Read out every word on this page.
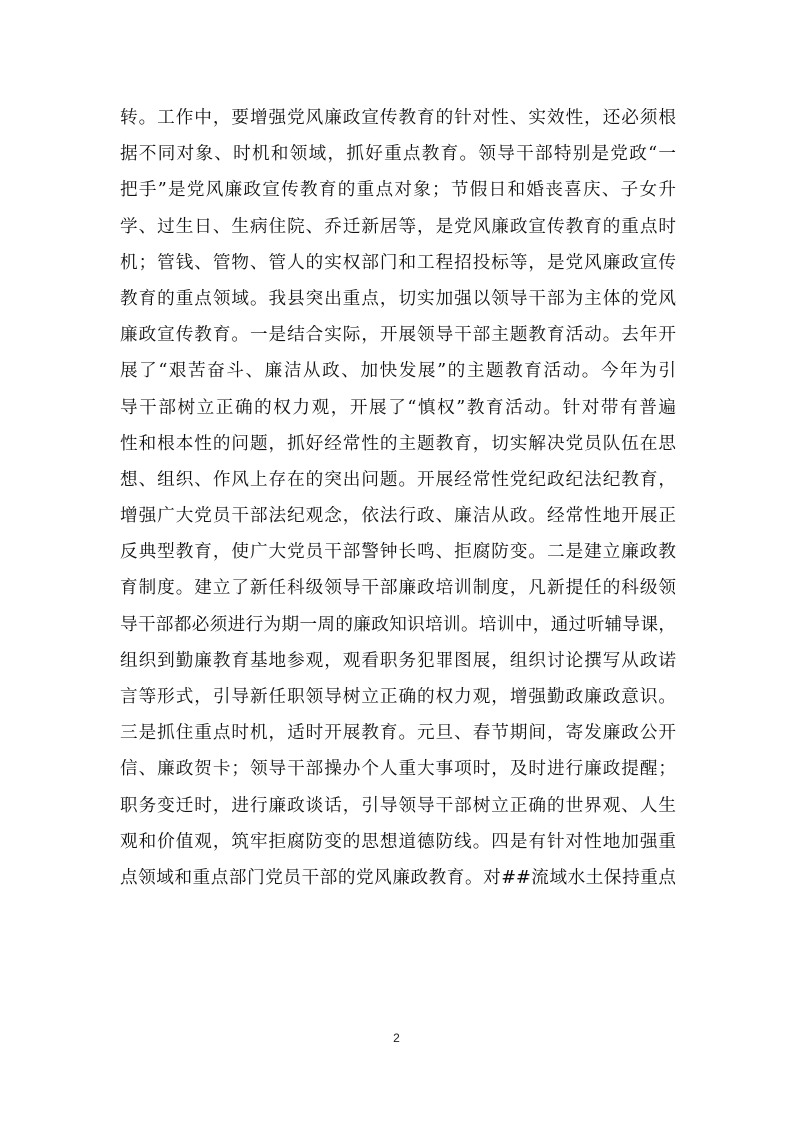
转。工作中，要增强党风廉政宣传教育的针对性、实效性，还必须根
据不同对象、时机和领域，抓好重点教育。领导干部特别是党政“一
把手”是党风廉政宣传教育的重点对象；节假日和婚丧喜庆、子女升
学、过生日、生病住院、乔迁新居等，是党风廉政宣传教育的重点时
机；管钱、管物、管人的实权部门和工程招投标等，是党风廉政宣传
教育的重点领域。我县突出重点，切实加强以领导干部为主体的党风
廉政宣传教育。一是结合实际，开展领导干部主题教育活动。去年开
展了“艰苦奋斗、廉洁从政、加快发展”的主题教育活动。今年为引
导干部树立正确的权力观，开展了“慎权”教育活动。针对带有普遍
性和根本性的问题，抓好经常性的主题教育，切实解决党员队伍在思
想、组织、作风上存在的突出问题。开展经常性党纪政纪法纪教育，
增强广大党员干部法纪观念，依法行政、廉洁从政。经常性地开展正
反典型教育，使广大党员干部警钟长鸣、拒腐防变。二是建立廉政教
育制度。建立了新任科级领导干部廉政培训制度，凡新提任的科级领
导干部都必须进行为期一周的廉政知识培训。培训中，通过听辅导课，
组织到勤廉教育基地参观，观看职务犯罪图展，组织讨论撰写从政诺
言等形式，引导新任职领导树立正确的权力观，增强勤政廉政意识。
三是抓住重点时机，适时开展教育。元旦、春节期间，寄发廉政公开
信、廉政贺卡；领导干部操办个人重大事项时，及时进行廉政提醒；
职务变迁时，进行廉政谈话，引导领导干部树立正确的世界观、人生
观和价值观，筑牢拒腐防变的思想道德防线。四是有针对性地加强重
点领域和重点部门党员干部的党风廉政教育。对##流域水土保持重点
2
